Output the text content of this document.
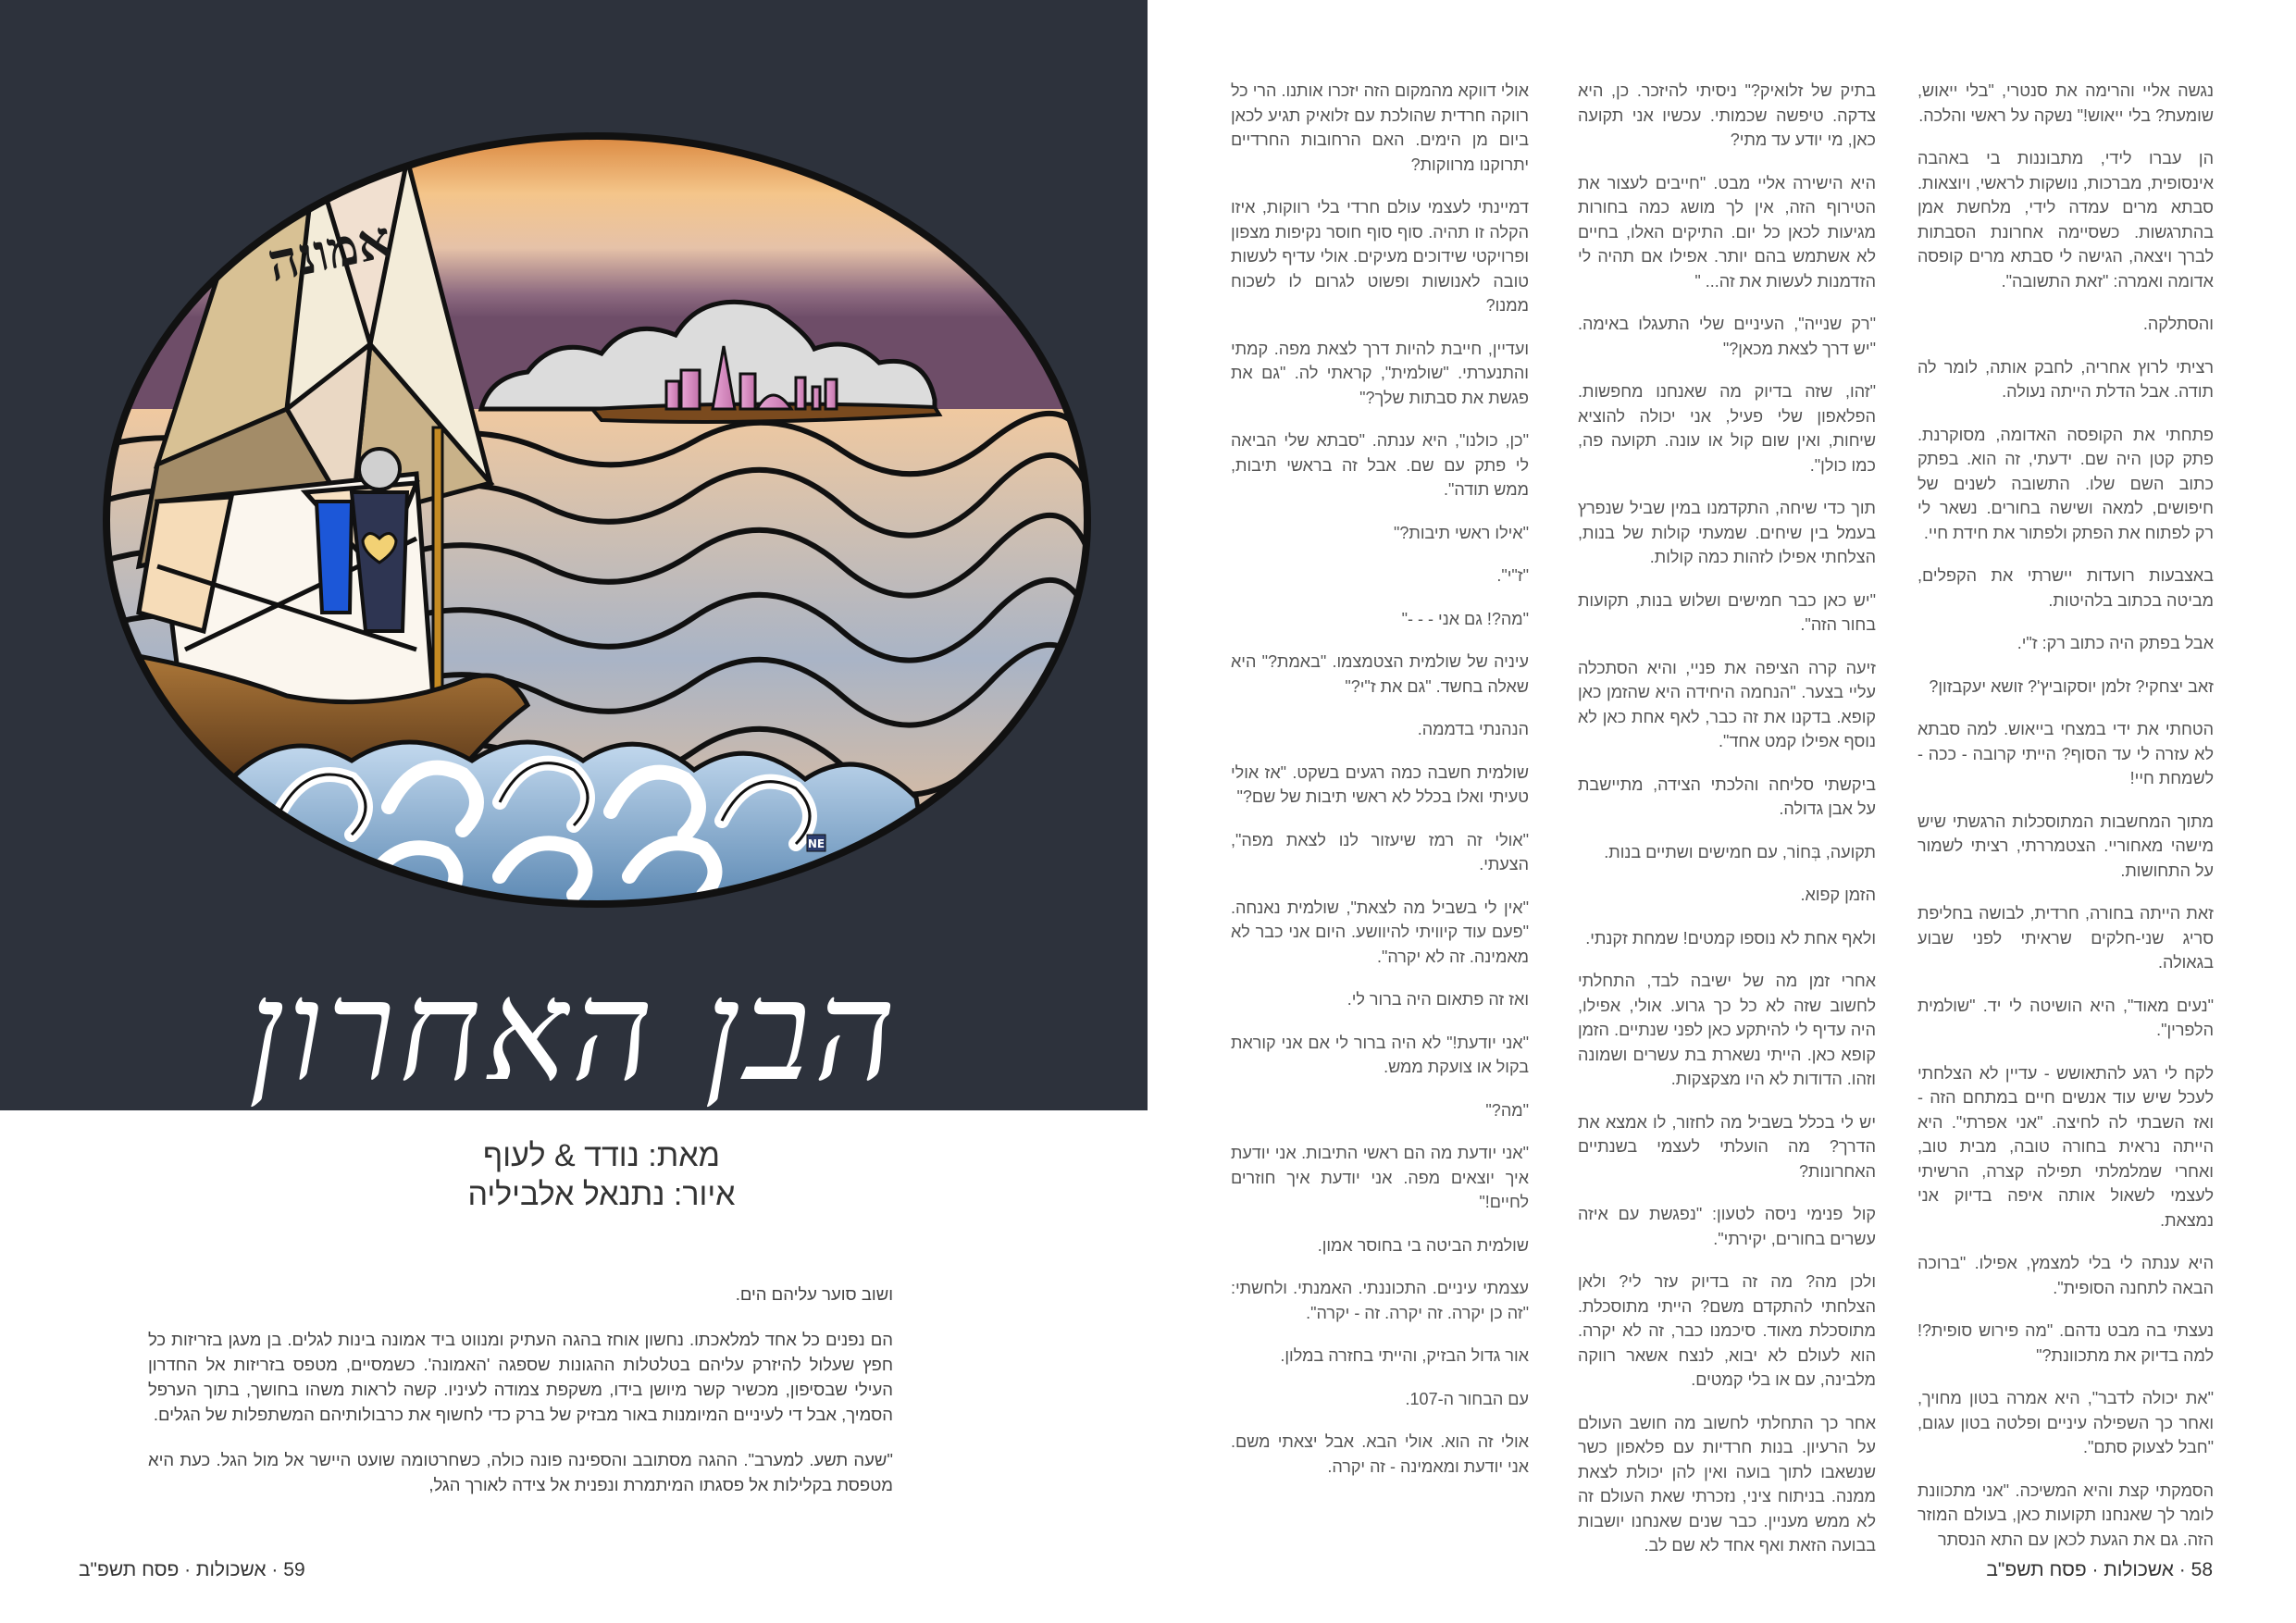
אמונה
NE
הבן האחרון
מאת: נודד & לעוף
איור: נתנאל אלביליה

ושוב סוער עליהם הים.

הם נפנים כל אחד למלאכתו. נחשון אוחז בהגה העתיק ומנווט ביד אמונה בינות לגלים. בן מעגן בזריזות כל חפץ שעלול להיזרק עליהם בטלטלות ההגונות שספגה 'האמונה'. כשמסיים, מטפס בזריזות אל החדרון העילי שבסיפון, מכשיר קשר מיושן בידו, משקפת צמודה לעיניו. קשה לראות משהו בחושך, בתוך הערפל הסמיך, אבל די לעיניים המיומנות באור מבזיק של ברק כדי לחשוף את כרבולותיהם המשתפלות של הגלים.

"שעה תשע. למערב". ההגה מסתובב והספינה פונה כולה, כשחרטומה שועט היישר אל מול הגל. כעת היא מטפסת בקלילות אל פסגתו המיתמרת ונפנית אל צידה לאורך הגל,

59 · אשכולות · פסח תשפ"ב

נגשה אליי והרימה את סנטרי, "בלי ייאוש, שומעת? בלי ייאוש!" נשקה על ראשי והלכה.

הן עברו לידי, מתבוננות בי באהבה אינסופית, מברכות, נושקות לראשי, ויוצאות. סבתא מרים עמדה לידי, מלחשת אמן בהתרגשות. כשסיימה אחרונת הסבתות לברך ויצאה, הגישה לי סבתא מרים קופסה אדומה ואמרה: "זאת התשובה".

והסתלקה.

רציתי לרוץ אחריה, לחבק אותה, לומר לה תודה. אבל הדלת הייתה נעולה.

פתחתי את הקופסה האדומה, מסוקרנת. פתק קטן היה שם. ידעתי, זה הוא. בפתק כתוב השם שלו. התשובה לשנים של חיפושים, למאה ושישה בחורים. נשאר לי רק לפתוח את הפתק ולפתור את חידת חיי.

באצבעות רועדות יישרתי את הקפלים, מביטה בכתוב בלהיטות.

אבל בפתק היה כתוב רק: ז"י.

זאב יצחקי? זלמן יוסקוביץ'? זושא יעקבזון?

הטחתי את ידי במצחי בייאוש. למה סבתא לא עזרה לי עד הסוף? הייתי קרובה - ככה - לשמחת חיי!

מתוך המחשבות המתוסכלות הרגשתי שיש מישהי מאחוריי. הצטמררתי, רציתי לשמור על התחושות.

זאת הייתה בחורה, חרדית, לבושה בחליפת סריג שני-חלקים שראיתי לפני שבוע בגאולה.

"נעים מאוד", היא הושיטה לי יד. "שולמית הלפרין".

לקח לי רגע להתאושש - עדיין לא הצלחתי לעכל שיש עוד אנשים חיים במתחם הזה - ואז השבתי לה לחיצה. "אני אפרתי". היא הייתה נראית בחורה טובה, מבית טוב, ואחרי שמלמלתי תפילה קצרה, הרשיתי לעצמי לשאול אותה איפה בדיוק אני נמצאת.

היא ענתה לי בלי למצמץ, אפילו. "ברוכה הבאה לתחנה הסופית".

נעצתי בה מבט נדהם. "מה פירוש סופית?! למה בדיוק את מתכוונת?"

"את יכולה לדבר", היא אמרה בטון מחויך, ואחר כך השפילה עיניים ופלטה בטון עגום, "חבל לצעוק סתם".

הסמקתי קצת והיא המשיכה. "אני מתכוונת לומר לך שאנחנו תקועות כאן, בעולם המוזר הזה. גם את הגעת לכאן עם התא הנסתר

בתיק של זלואיק?" ניסיתי להיזכר. כן, היא צדקה. טיפשה שכמותי. עכשיו אני תקועה כאן, מי יודע עד מתי?

היא הישירה אליי מבט. "חייבים לעצור את הטירוף הזה, אין לך מושג כמה בחורות מגיעות לכאן כל יום. התיקים האלו, בחיים לא אשתמש בהם יותר. אפילו אם תהיה לי הזדמנות לעשות את זה... "

"רק שנייה", העיניים שלי התעגלו באימה. "יש דרך לצאת מכאן?"

"זהו, שזה בדיוק מה שאנחנו מחפשות. הפלאפון שלי פעיל, אני יכולה להוציא שיחות, ואין שום קול או עונה. תקועה פה, כמו כולן".

תוך כדי שיחה, התקדמנו במין שביל שנפרץ בעמל בין שיחים. שמעתי קולות של בנות, הצלחתי אפילו לזהות כמה קולות.

"יש כאן כבר חמישים ושלוש בנות, תקועות בחור הזה".

זיעה קרה הציפה את פניי, והיא הסתכלה עליי בצער. "הנחמה היחידה היא שהזמן כאן קופא. בדקנו את זה כבר, לאף אחת כאן לא נוסף אפילו קמט אחד".

ביקשתי סליחה והלכתי הצידה, מתיישבת על אבן גדולה.

תקועה, בְּחוֹר, עם חמישים ושתיים בנות.

הזמן קפוא.

ולאף אחת לא נוספו קמטים! שמחת זקנתי.

אחרי זמן מה של ישיבה לבד, התחלתי לחשוב שזה לא כל כך גרוע. אולי, אפילו, היה עדיף לי להיתקע כאן לפני שנתיים. הזמן קופא כאן. הייתי נשארת בת עשרים ושמונה וזהו. הדודות לא היו מצקצקות.

יש לי בכלל בשביל מה לחזור, לו אמצא את הדרך? מה הועלתי לעצמי בשנתיים האחרונות?

קול פנימי ניסה לטעון: "נפגשת עם איזה עשרים בחורים, יקירתי".

ולכן מה? מה זה בדיוק עזר לי? ולאן הצלחתי להתקדם משם? הייתי מתוסכלת. מתוסכלת מאוד. סיכמנו כבר, זה לא יקרה. הוא לעולם לא יבוא, לנצח אשאר רווקה מלבינה, עם או בלי קמטים.

אחר כך התחלתי לחשוב מה חושב העולם על הרעיון. בנות חרדיות עם פלאפון כשר שנשאבו לתוך בועה ואין להן יכולת לצאת ממנה. בניתוח ציני, נזכרתי שאת העולם זה לא ממש מעניין. כבר שנים שאנחנו יושבות בבועה הזאת ואף אחד לא שם לב.

אולי דווקא מהמקום הזה יזכרו אותנו. הרי כל רווקה חרדית שהולכת עם זלואיק תגיע לכאן ביום מן הימים. האם הרחובות החרדיים יתרוקנו מרווקות?

דמיינתי לעצמי עולם חרדי בלי רווקות, איזו הקלה זו תהיה. סוף סוף חוסר נקיפות מצפון ופרויקטי שידוכים מעיקים. אולי עדיף לעשות טובה לאנושות ופשוט לגרום לו לשכוח ממנו?

ועדיין, חייבת להיות דרך לצאת מפה. קמתי והתנערתי. "שולמית", קראתי לה. "גם את פגשת את סבתות שלך?"

"כן, כולנו", היא ענתה. "סבתא שלי הביאה לי פתק עם שם. אבל זה בראשי תיבות, ממש תודה".

"אילו ראשי תיבות?"

"ז"י".

"מה?! גם אני - - -"

עיניה של שולמית הצטמצמו. "באמת?" היא שאלה בחשד. "גם את ז"י?"

הנהנתי בדממה.

שולמית חשבה כמה רגעים בשקט. "אז אולי טעיתי ואלו בכלל לא ראשי תיבות של שם?"

"אולי זה רמז שיעזור לנו לצאת מפה", הצעתי.

"אין לי בשביל מה לצאת", שולמית נאנחה. "פעם עוד קיוויתי להיוושע. היום אני כבר לא מאמינה. זה לא יקרה".

ואז זה פתאום היה ברור לי.

"אני יודעת!" לא היה ברור לי אם אני קוראת בקול או צועקת ממש.

"מה?"

"אני יודעת מה הם ראשי התיבות. אני יודעת איך יוצאים מפה. אני יודעת איך חוזרים לחיים!"

שולמית הביטה בי בחוסר אמון.

עצמתי עיניים. התכוננתי. האמנתי. ולחשתי: "זה כן יקרה. זה יקרה. זה - יקרה".

אור גדול הבזיק, והייתי בחזרה במלון.

עם הבחור ה-107.

אולי זה הוא. אולי הבא. אבל יצאתי משם. אני יודעת ומאמינה - זה יקרה.

58 · אשכולות · פסח תשפ"ב
